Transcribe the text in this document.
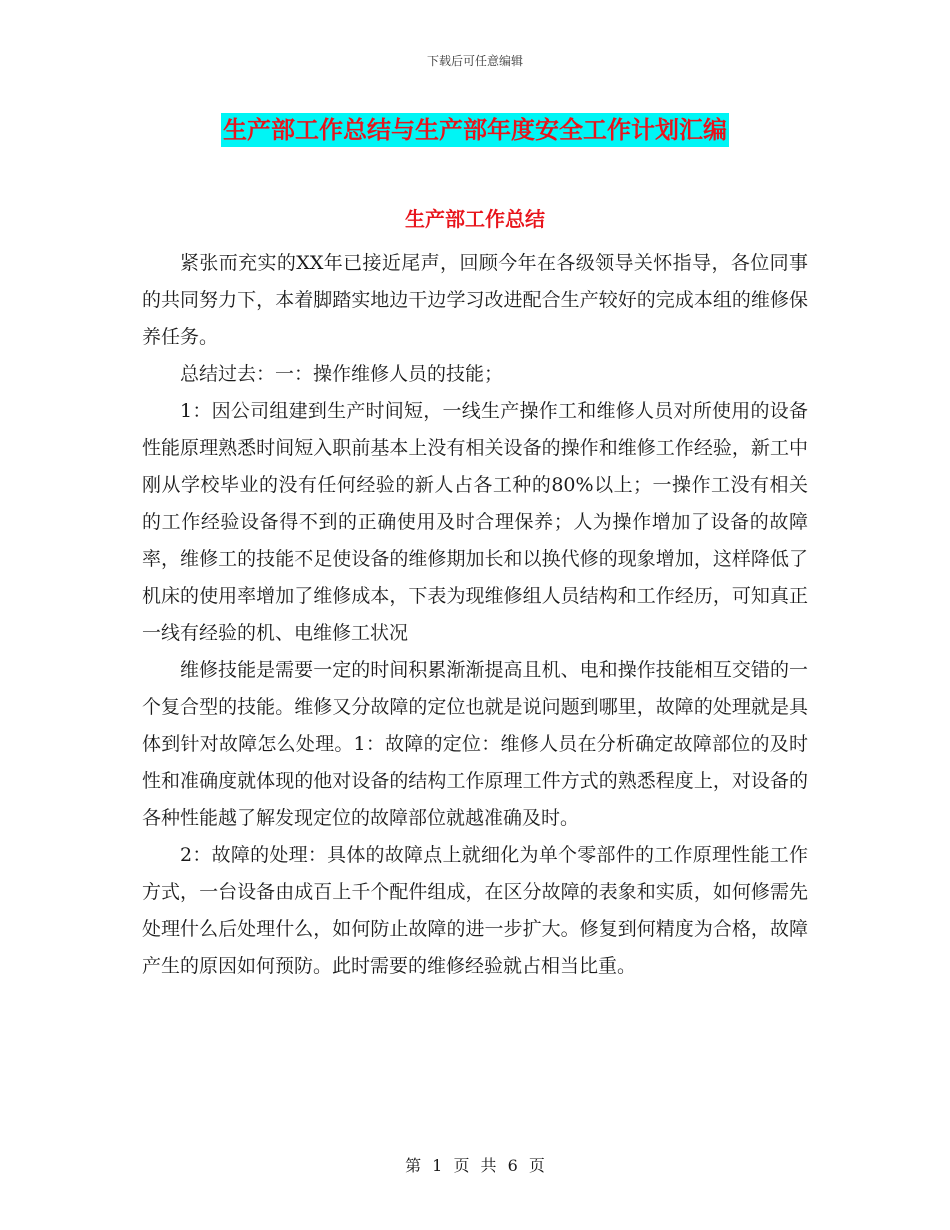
下载后可任意编辑
生产部工作总结与生产部年度安全工作计划汇编
生产部工作总结

紧张而充实的XX年已接近尾声，回顾今年在各级领导关怀指导，各位同事的共同努力下，本着脚踏实地边干边学习改进配合生产较好的完成本组的维修保养任务。

总结过去：一：操作维修人员的技能；

1：因公司组建到生产时间短，一线生产操作工和维修人员对所使用的设备性能原理熟悉时间短入职前基本上没有相关设备的操作和维修工作经验，新工中刚从学校毕业的没有任何经验的新人占各工种的80%以上；一操作工没有相关的工作经验设备得不到的正确使用及时合理保养；人为操作增加了设备的故障率，维修工的技能不足使设备的维修期加长和以换代修的现象增加，这样降低了机床的使用率增加了维修成本，下表为现维修组人员结构和工作经历，可知真正一线有经验的机、电维修工状况

维修技能是需要一定的时间积累渐渐提高且机、电和操作技能相互交错的一个复合型的技能。维修又分故障的定位也就是说问题到哪里，故障的处理就是具体到针对故障怎么处理。1：故障的定位：维修人员在分析确定故障部位的及时性和准确度就体现的他对设备的结构工作原理工件方式的熟悉程度上，对设备的各种性能越了解发现定位的故障部位就越准确及时。

2：故障的处理：具体的故障点上就细化为单个零部件的工作原理性能工作方式，一台设备由成百上千个配件组成，在区分故障的表象和实质，如何修需先处理什么后处理什么，如何防止故障的进一步扩大。修复到何精度为合格，故障产生的原因如何预防。此时需要的维修经验就占相当比重。

第 1 页 共 6 页
